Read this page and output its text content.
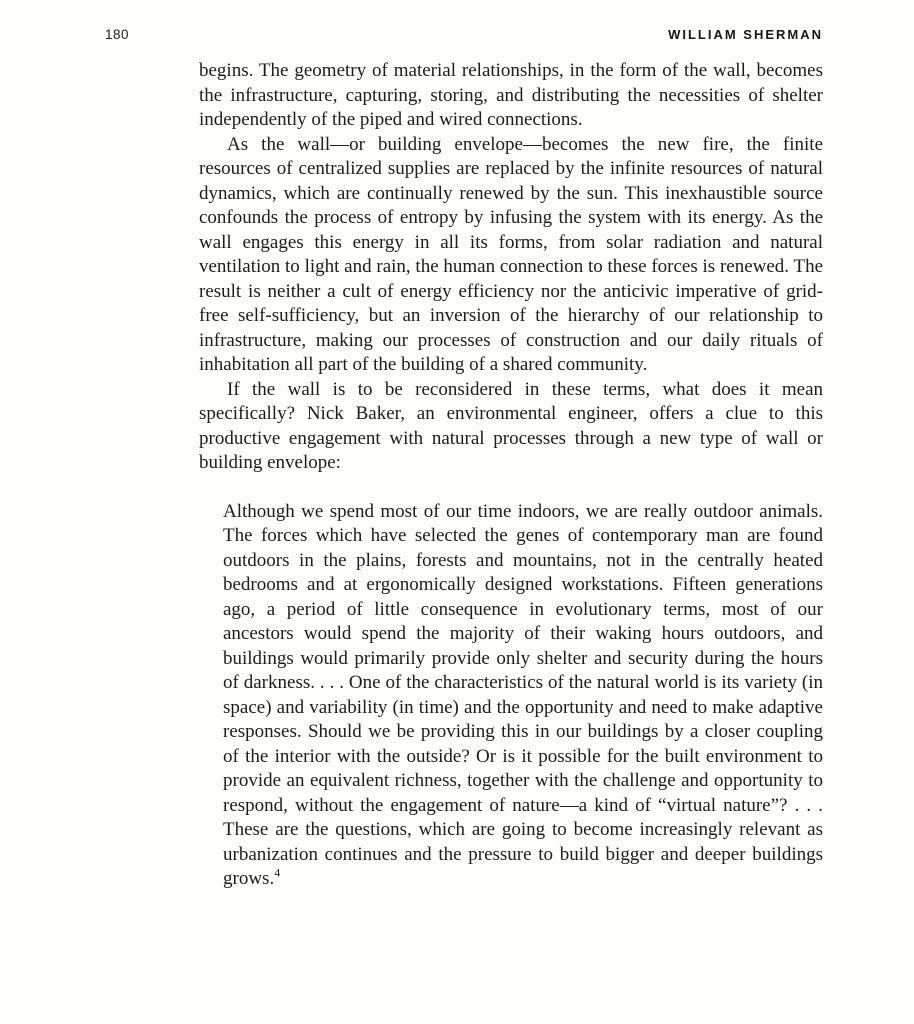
180	WILLIAM SHERMAN

begins. The geometry of material relationships, in the form of the wall, becomes the infrastructure, capturing, storing, and distributing the necessities of shelter independently of the piped and wired connections.

As the wall—or building envelope—becomes the new fire, the finite resources of centralized supplies are replaced by the infinite resources of natural dynamics, which are continually renewed by the sun. This inexhaustible source confounds the process of entropy by infusing the system with its energy. As the wall engages this energy in all its forms, from solar radiation and natural ventilation to light and rain, the human connection to these forces is renewed. The result is neither a cult of energy efficiency nor the anticivic imperative of grid-free self-sufficiency, but an inversion of the hierarchy of our relationship to infrastructure, making our processes of construction and our daily rituals of inhabitation all part of the building of a shared community.

If the wall is to be reconsidered in these terms, what does it mean specifically? Nick Baker, an environmental engineer, offers a clue to this productive engagement with natural processes through a new type of wall or building envelope:

Although we spend most of our time indoors, we are really outdoor animals. The forces which have selected the genes of contemporary man are found outdoors in the plains, forests and mountains, not in the centrally heated bedrooms and at ergonomically designed workstations. Fifteen generations ago, a period of little consequence in evolutionary terms, most of our ancestors would spend the majority of their waking hours outdoors, and buildings would primarily provide only shelter and security during the hours of darkness. . . . One of the characteristics of the natural world is its variety (in space) and variability (in time) and the opportunity and need to make adaptive responses. Should we be providing this in our buildings by a closer coupling of the interior with the outside? Or is it possible for the built environment to provide an equivalent richness, together with the challenge and opportunity to respond, without the engagement of nature—a kind of “virtual nature”? . . . These are the questions, which are going to become increasingly relevant as urbanization continues and the pressure to build bigger and deeper buildings grows.$^4$
